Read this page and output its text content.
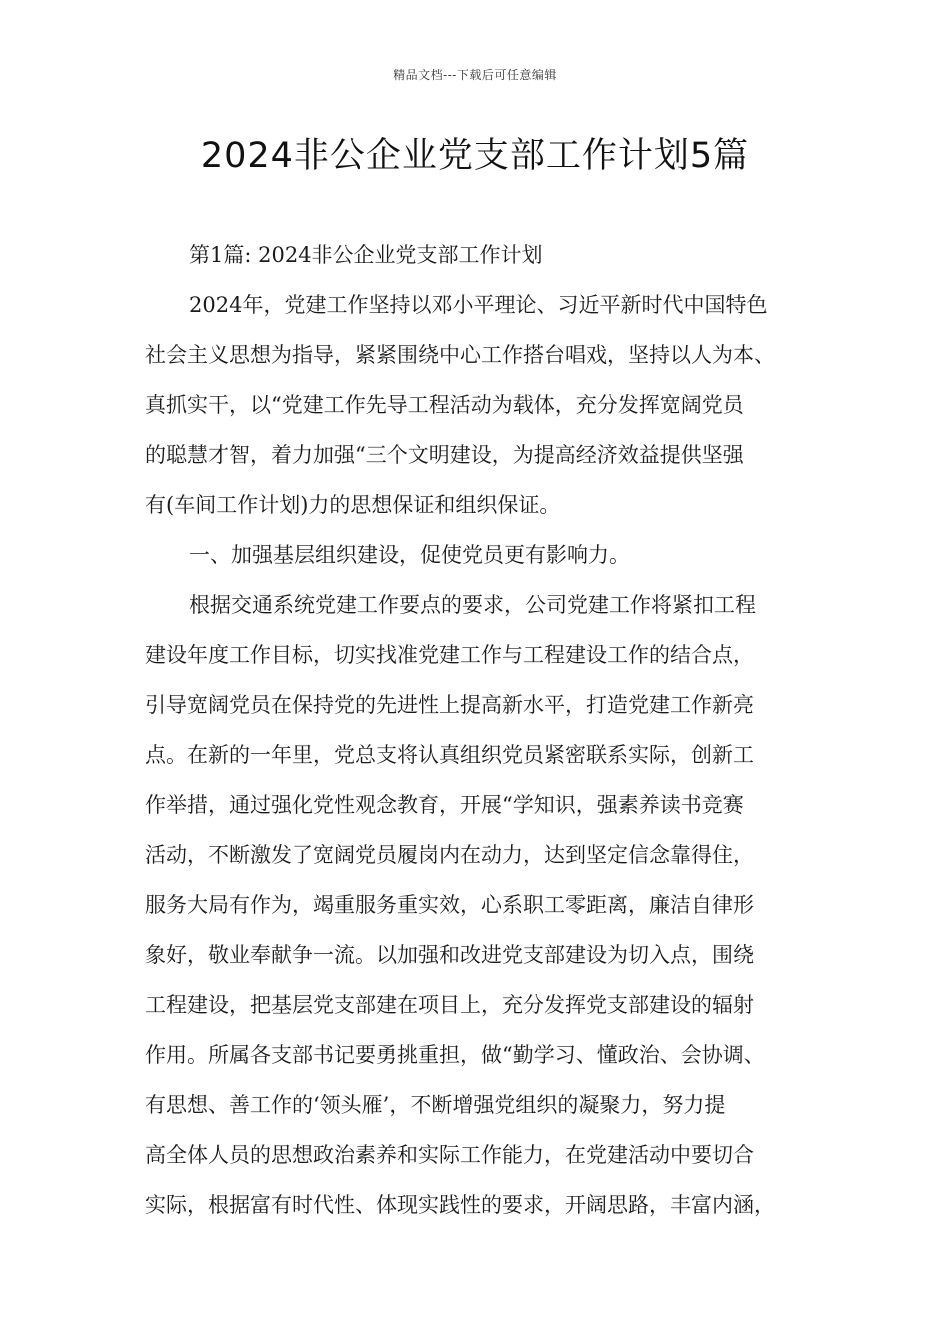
精品文档---下载后可任意编辑
2024非公企业党支部工作计划5篇
第1篇: 2024非公企业党支部工作计划
2024年，党建工作坚持以邓小平理论、习近平新时代中国特色
社会主义思想为指导，紧紧围绕中心工作搭台唱戏，坚持以人为本、
真抓实干，以“党建工作先导工程活动为载体，充分发挥宽阔党员
的聪慧才智，着力加强“三个文明建设，为提高经济效益提供坚强
有(车间工作计划)力的思想保证和组织保证。
一、加强基层组织建设，促使党员更有影响力。
根据交通系统党建工作要点的要求，公司党建工作将紧扣工程
建设年度工作目标，切实找准党建工作与工程建设工作的结合点，
引导宽阔党员在保持党的先进性上提高新水平，打造党建工作新亮
点。在新的一年里，党总支将认真组织党员紧密联系实际，创新工
作举措，通过强化党性观念教育，开展“学知识，强素养读书竞赛
活动，不断激发了宽阔党员履岗内在动力，达到坚定信念靠得住，
服务大局有作为，竭重服务重实效，心系职工零距离，廉洁自律形
象好，敬业奉献争一流。以加强和改进党支部建设为切入点，围绕
工程建设，把基层党支部建在项目上，充分发挥党支部建设的辐射
作用。所属各支部书记要勇挑重担，做“勤学习、懂政治、会协调、
有思想、善工作的‘领头雁’，不断增强党组织的凝聚力，努力提
高全体人员的思想政治素养和实际工作能力，在党建活动中要切合
实际，根据富有时代性、体现实践性的要求，开阔思路，丰富内涵，
